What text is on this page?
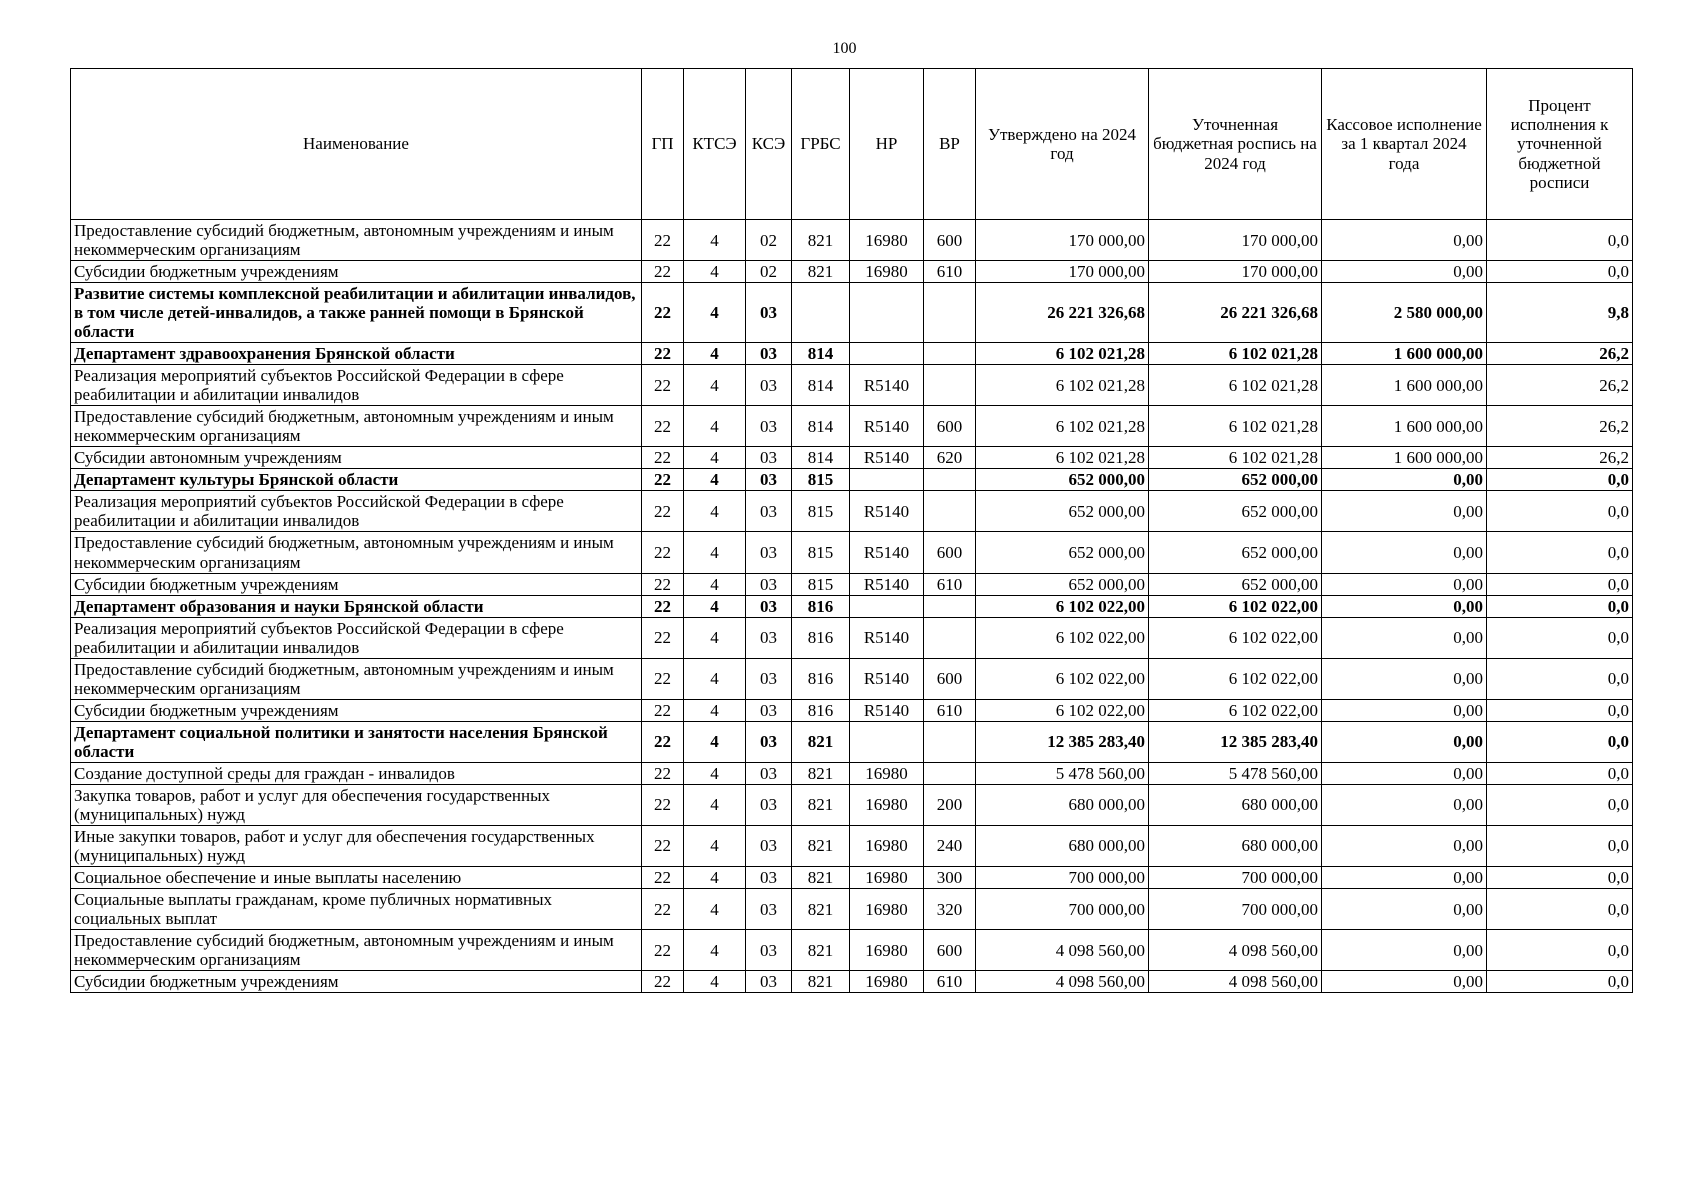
100
Наименование	ГП	КТСЭ	КСЭ	ГРБС	НР	ВР	Утверждено на 2024 год	Уточненная бюджетная роспись на 2024 год	Кассовое исполнение за 1 квартал 2024 года	Процент исполнения к уточненной бюджетной росписи
Предоставление субсидий бюджетным, автономным учреждениям и иным некоммерческим организациям	22	4	02	821	16980	600	170 000,00	170 000,00	0,00	0,0
Субсидии бюджетным учреждениям	22	4	02	821	16980	610	170 000,00	170 000,00	0,00	0,0
Развитие системы комплексной реабилитации и абилитации инвалидов, в том числе детей-инвалидов, а также ранней помощи в Брянской области	22	4	03				26 221 326,68	26 221 326,68	2 580 000,00	9,8
Департамент здравоохранения Брянской области	22	4	03	814			6 102 021,28	6 102 021,28	1 600 000,00	26,2
Реализация мероприятий субъектов Российской Федерации в сфере реабилитации и абилитации инвалидов	22	4	03	814	R5140		6 102 021,28	6 102 021,28	1 600 000,00	26,2
Предоставление субсидий бюджетным, автономным учреждениям и иным некоммерческим организациям	22	4	03	814	R5140	600	6 102 021,28	6 102 021,28	1 600 000,00	26,2
Субсидии автономным учреждениям	22	4	03	814	R5140	620	6 102 021,28	6 102 021,28	1 600 000,00	26,2
Департамент культуры Брянской области	22	4	03	815			652 000,00	652 000,00	0,00	0,0
Реализация мероприятий субъектов Российской Федерации в сфере реабилитации и абилитации инвалидов	22	4	03	815	R5140		652 000,00	652 000,00	0,00	0,0
Предоставление субсидий бюджетным, автономным учреждениям и иным некоммерческим организациям	22	4	03	815	R5140	600	652 000,00	652 000,00	0,00	0,0
Субсидии бюджетным учреждениям	22	4	03	815	R5140	610	652 000,00	652 000,00	0,00	0,0
Департамент образования и науки Брянской области	22	4	03	816			6 102 022,00	6 102 022,00	0,00	0,0
Реализация мероприятий субъектов Российской Федерации в сфере реабилитации и абилитации инвалидов	22	4	03	816	R5140		6 102 022,00	6 102 022,00	0,00	0,0
Предоставление субсидий бюджетным, автономным учреждениям и иным некоммерческим организациям	22	4	03	816	R5140	600	6 102 022,00	6 102 022,00	0,00	0,0
Субсидии бюджетным учреждениям	22	4	03	816	R5140	610	6 102 022,00	6 102 022,00	0,00	0,0
Департамент социальной политики и занятости населения Брянской области	22	4	03	821			12 385 283,40	12 385 283,40	0,00	0,0
Создание доступной среды для граждан - инвалидов	22	4	03	821	16980		5 478 560,00	5 478 560,00	0,00	0,0
Закупка товаров, работ и услуг для обеспечения государственных (муниципальных) нужд	22	4	03	821	16980	200	680 000,00	680 000,00	0,00	0,0
Иные закупки товаров, работ и услуг для обеспечения государственных (муниципальных) нужд	22	4	03	821	16980	240	680 000,00	680 000,00	0,00	0,0
Социальное обеспечение и иные выплаты населению	22	4	03	821	16980	300	700 000,00	700 000,00	0,00	0,0
Социальные выплаты гражданам, кроме публичных нормативных социальных выплат	22	4	03	821	16980	320	700 000,00	700 000,00	0,00	0,0
Предоставление субсидий бюджетным, автономным учреждениям и иным некоммерческим организациям	22	4	03	821	16980	600	4 098 560,00	4 098 560,00	0,00	0,0
Субсидии бюджетным учреждениям	22	4	03	821	16980	610	4 098 560,00	4 098 560,00	0,00	0,0
